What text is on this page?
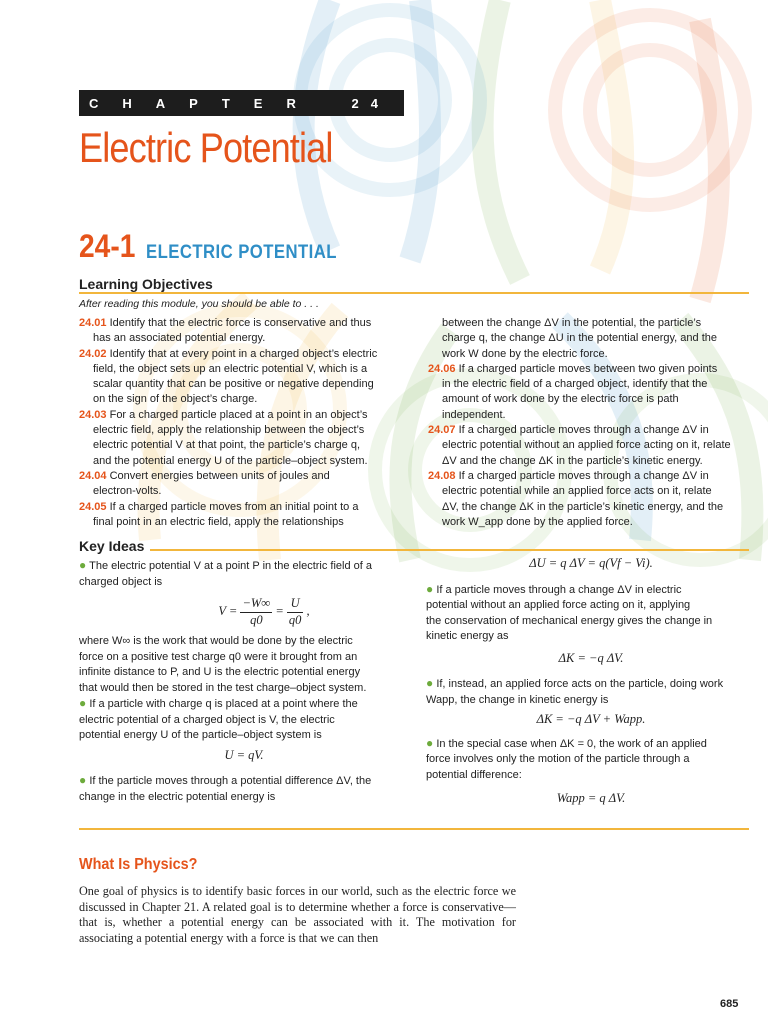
CHAPTER 24
Electric Potential
24-1 ELECTRIC POTENTIAL
Learning Objectives
After reading this module, you should be able to . . .
24.01 Identify that the electric force is conservative and thus
has an associated potential energy.
24.02 Identify that at every point in a charged object’s electric
field, the object sets up an electric potential V, which is a
scalar quantity that can be positive or negative depending
on the sign of the object’s charge.
24.03 For a charged particle placed at a point in an object’s
electric field, apply the relationship between the object’s
electric potential V at that point, the particle’s charge q,
and the potential energy U of the particle–object system.
24.04 Convert energies between units of joules and
electron-volts.
24.05 If a charged particle moves from an initial point to a
final point in an electric field, apply the relationships
between the change ΔV in the potential, the particle’s
charge q, the change ΔU in the potential energy, and the
work W done by the electric force.
24.06 If a charged particle moves between two given points
in the electric field of a charged object, identify that the
amount of work done by the electric force is path
independent.
24.07 If a charged particle moves through a change ΔV in
electric potential without an applied force acting on it, relate
ΔV and the change ΔK in the particle’s kinetic energy.
24.08 If a charged particle moves through a change ΔV in
electric potential while an applied force acts on it, relate
ΔV, the change ΔK in the particle’s kinetic energy, and the
work W_app done by the applied force.
Key Ideas
● The electric potential V at a point P in the electric field of a
charged object is
$V = \frac{-W\infty}{q0} = \frac{U}{q0}$ ,
where W∞ is the work that would be done by the electric
force on a positive test charge q0 were it brought from an
infinite distance to P, and U is the electric potential energy
that would then be stored in the test charge–object system.
● If a particle with charge q is placed at a point where the
electric potential of a charged object is V, the electric
potential energy U of the particle–object system is
U = qV.
● If the particle moves through a potential difference ΔV, the
change in the electric potential energy is
ΔU = q ΔV = q(Vf − Vi).
● If a particle moves through a change ΔV in electric
potential without an applied force acting on it, applying
the conservation of mechanical energy gives the change in
kinetic energy as
ΔK = −q ΔV.
● If, instead, an applied force acts on the particle, doing work
Wapp, the change in kinetic energy is
ΔK = −q ΔV + Wapp.
● In the special case when ΔK = 0, the work of an applied
force involves only the motion of the particle through a
potential difference:
Wapp = q ΔV.
What Is Physics?
One goal of physics is to identify basic forces in our world, such as the electric force we discussed in Chapter 21. A related goal is to determine whether a force is conservative—that is, whether a potential energy can be associated with it. The motivation for associating a potential energy with a force is that we can then
685
